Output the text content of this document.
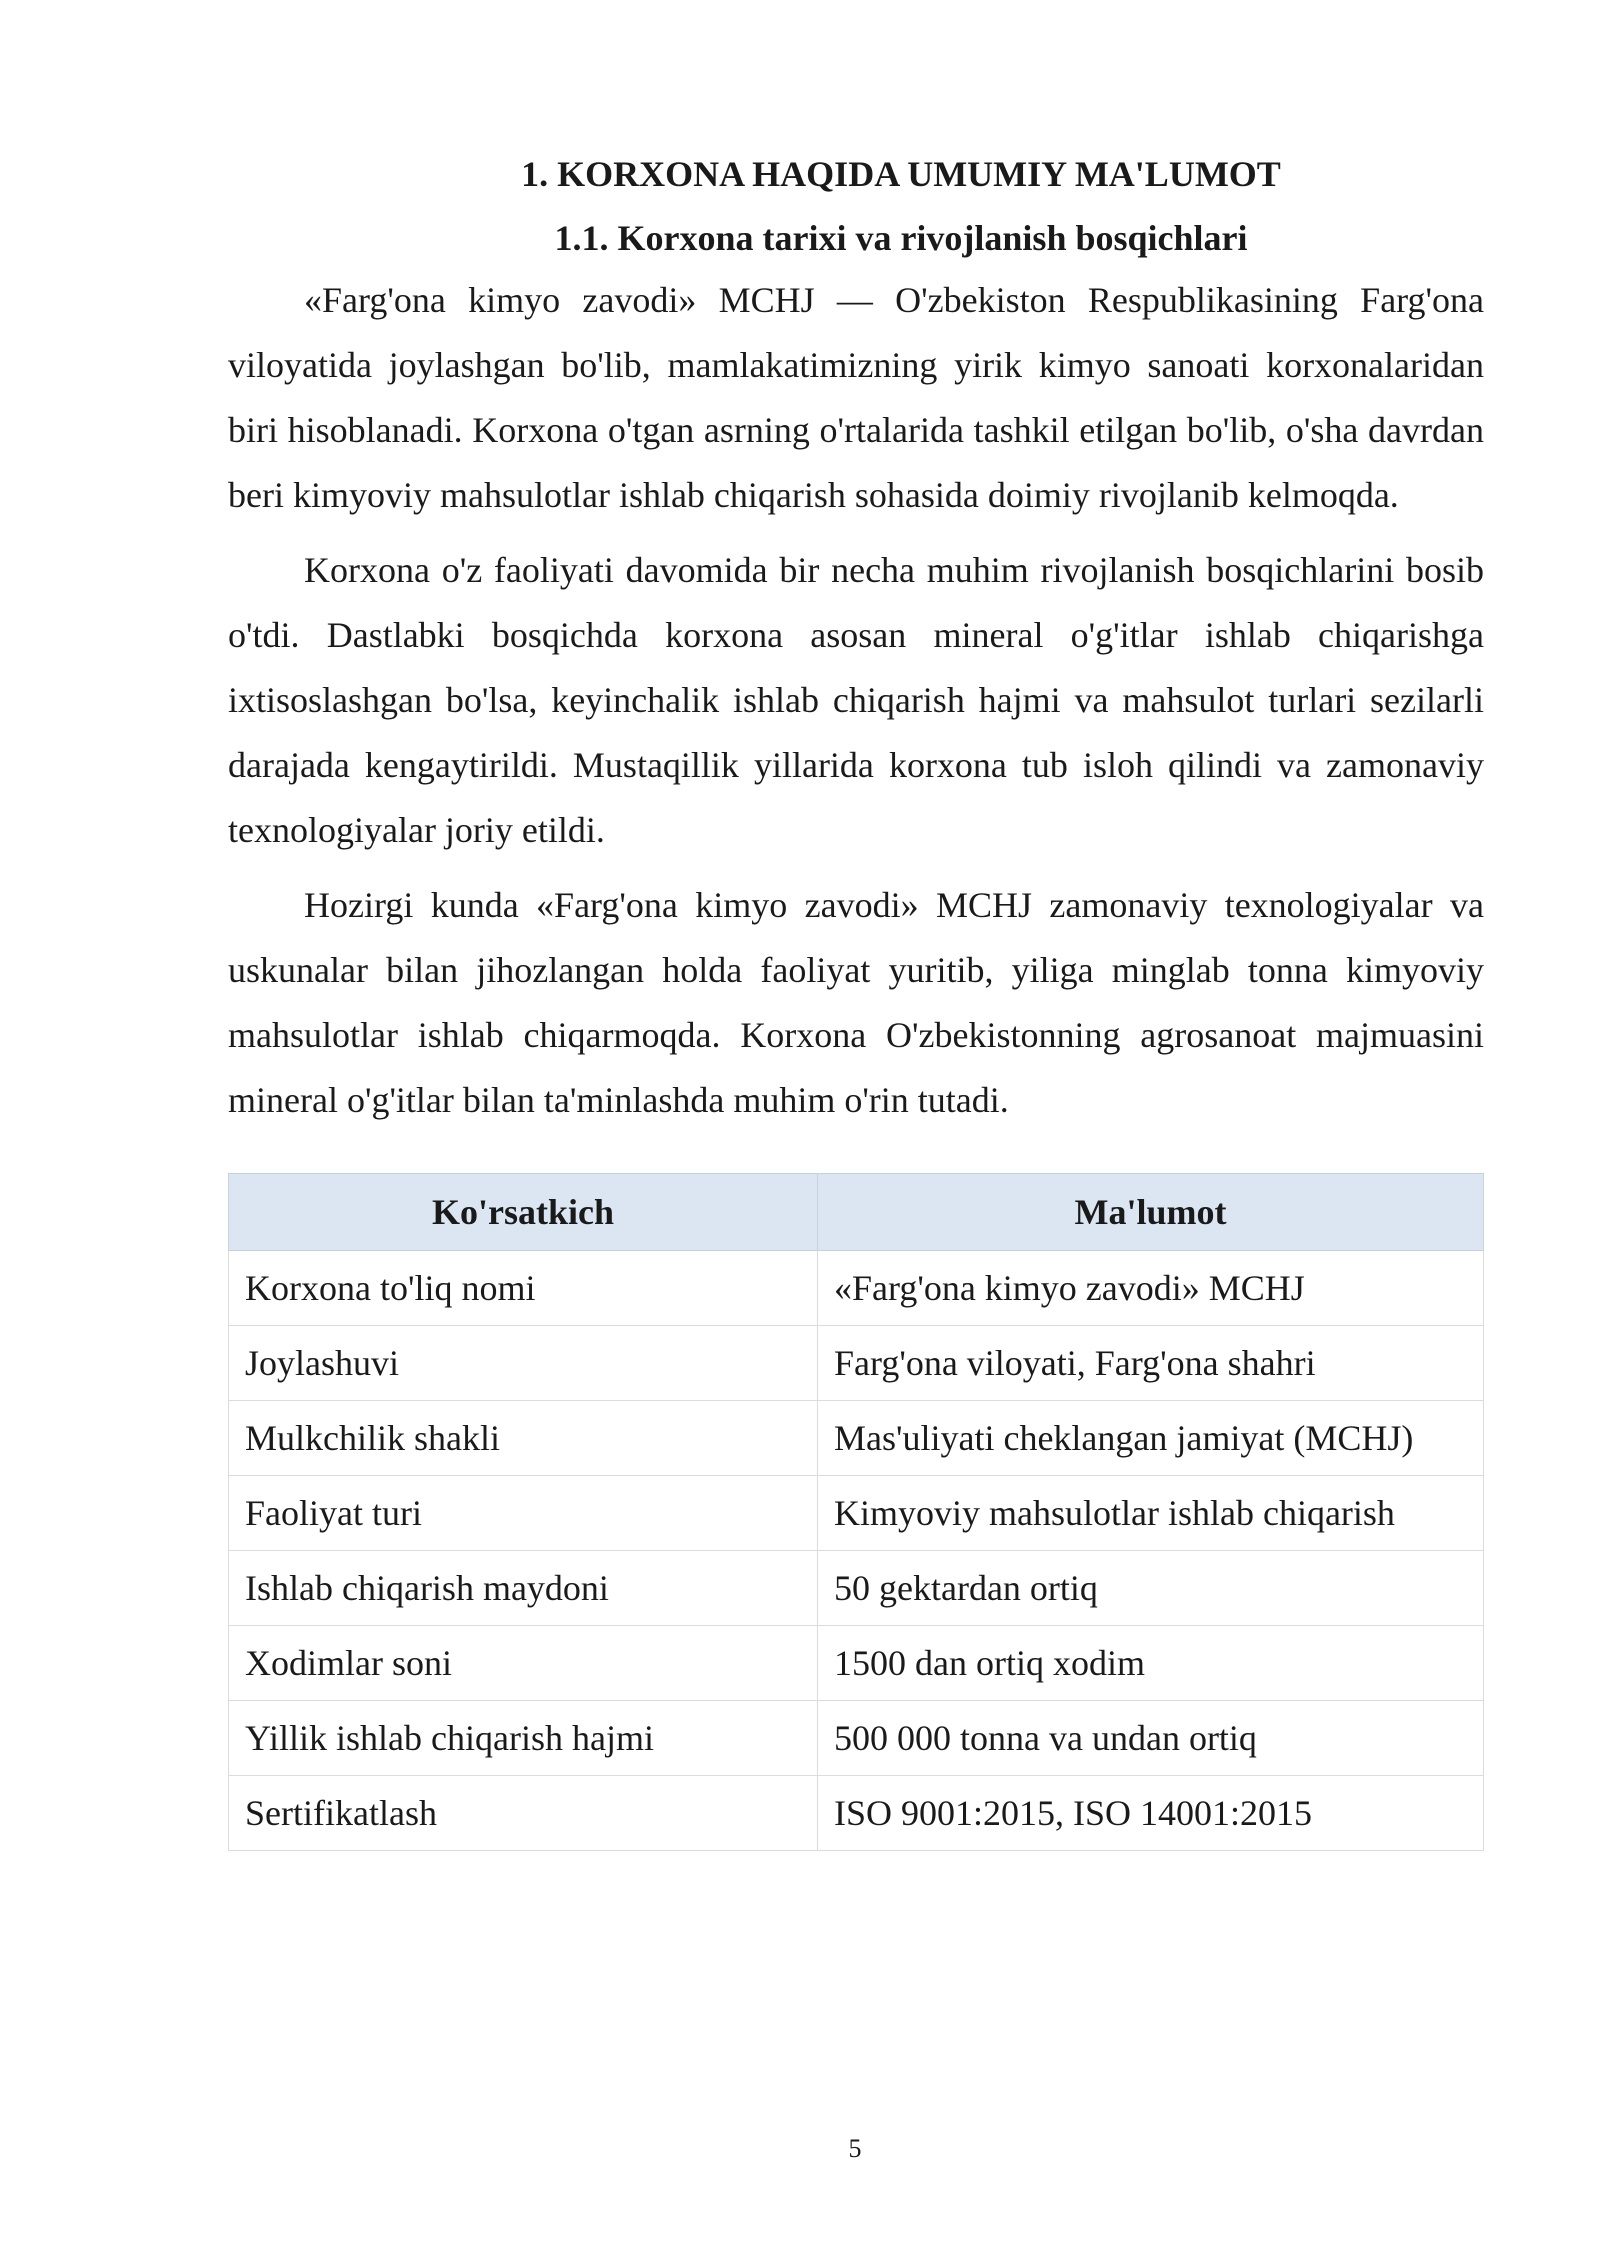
1. KORXONA HAQIDA UMUMIY MA'LUMOT
1.1. Korxona tarixi va rivojlanish bosqichlari

«Farg'ona kimyo zavodi» MCHJ — O'zbekiston Respublikasining Farg'ona viloyatida joylashgan bo'lib, mamlakatimizning yirik kimyo sanoati korxonalaridan biri hisoblanadi. Korxona o'tgan asrning o'rtalarida tashkil etilgan bo'lib, o'sha davrdan beri kimyoviy mahsulotlar ishlab chiqarish sohasida doimiy rivojlanib kelmoqda.

Korxona o'z faoliyati davomida bir necha muhim rivojlanish bosqichlarini bosib o'tdi. Dastlabki bosqichda korxona asosan mineral o'g'itlar ishlab chiqarishga ixtisoslashgan bo'lsa, keyinchalik ishlab chiqarish hajmi va mahsulot turlari sezilarli darajada kengaytirildi. Mustaqillik yillarida korxona tub isloh qilindi va zamonaviy texnologiyalar joriy etildi.

Hozirgi kunda «Farg'ona kimyo zavodi» MCHJ zamonaviy texnologiyalar va uskunalar bilan jihozlangan holda faoliyat yuritib, yiliga minglab tonna kimyoviy mahsulotlar ishlab chiqarmoqda. Korxona O'zbekistonning agrosanoat majmuasini mineral o'g'itlar bilan ta'minlashda muhim o'rin tutadi.

Ko'rsatkich	Ma'lumot
Korxona to'liq nomi	«Farg'ona kimyo zavodi» MCHJ
Joylashuvi	Farg'ona viloyati, Farg'ona shahri
Mulkchilik shakli	Mas'uliyati cheklangan jamiyat (MCHJ)
Faoliyat turi	Kimyoviy mahsulotlar ishlab chiqarish
Ishlab chiqarish maydoni	50 gektardan ortiq
Xodimlar soni	1500 dan ortiq xodim
Yillik ishlab chiqarish hajmi	500 000 tonna va undan ortiq
Sertifikatlash	ISO 9001:2015, ISO 14001:2015
5
